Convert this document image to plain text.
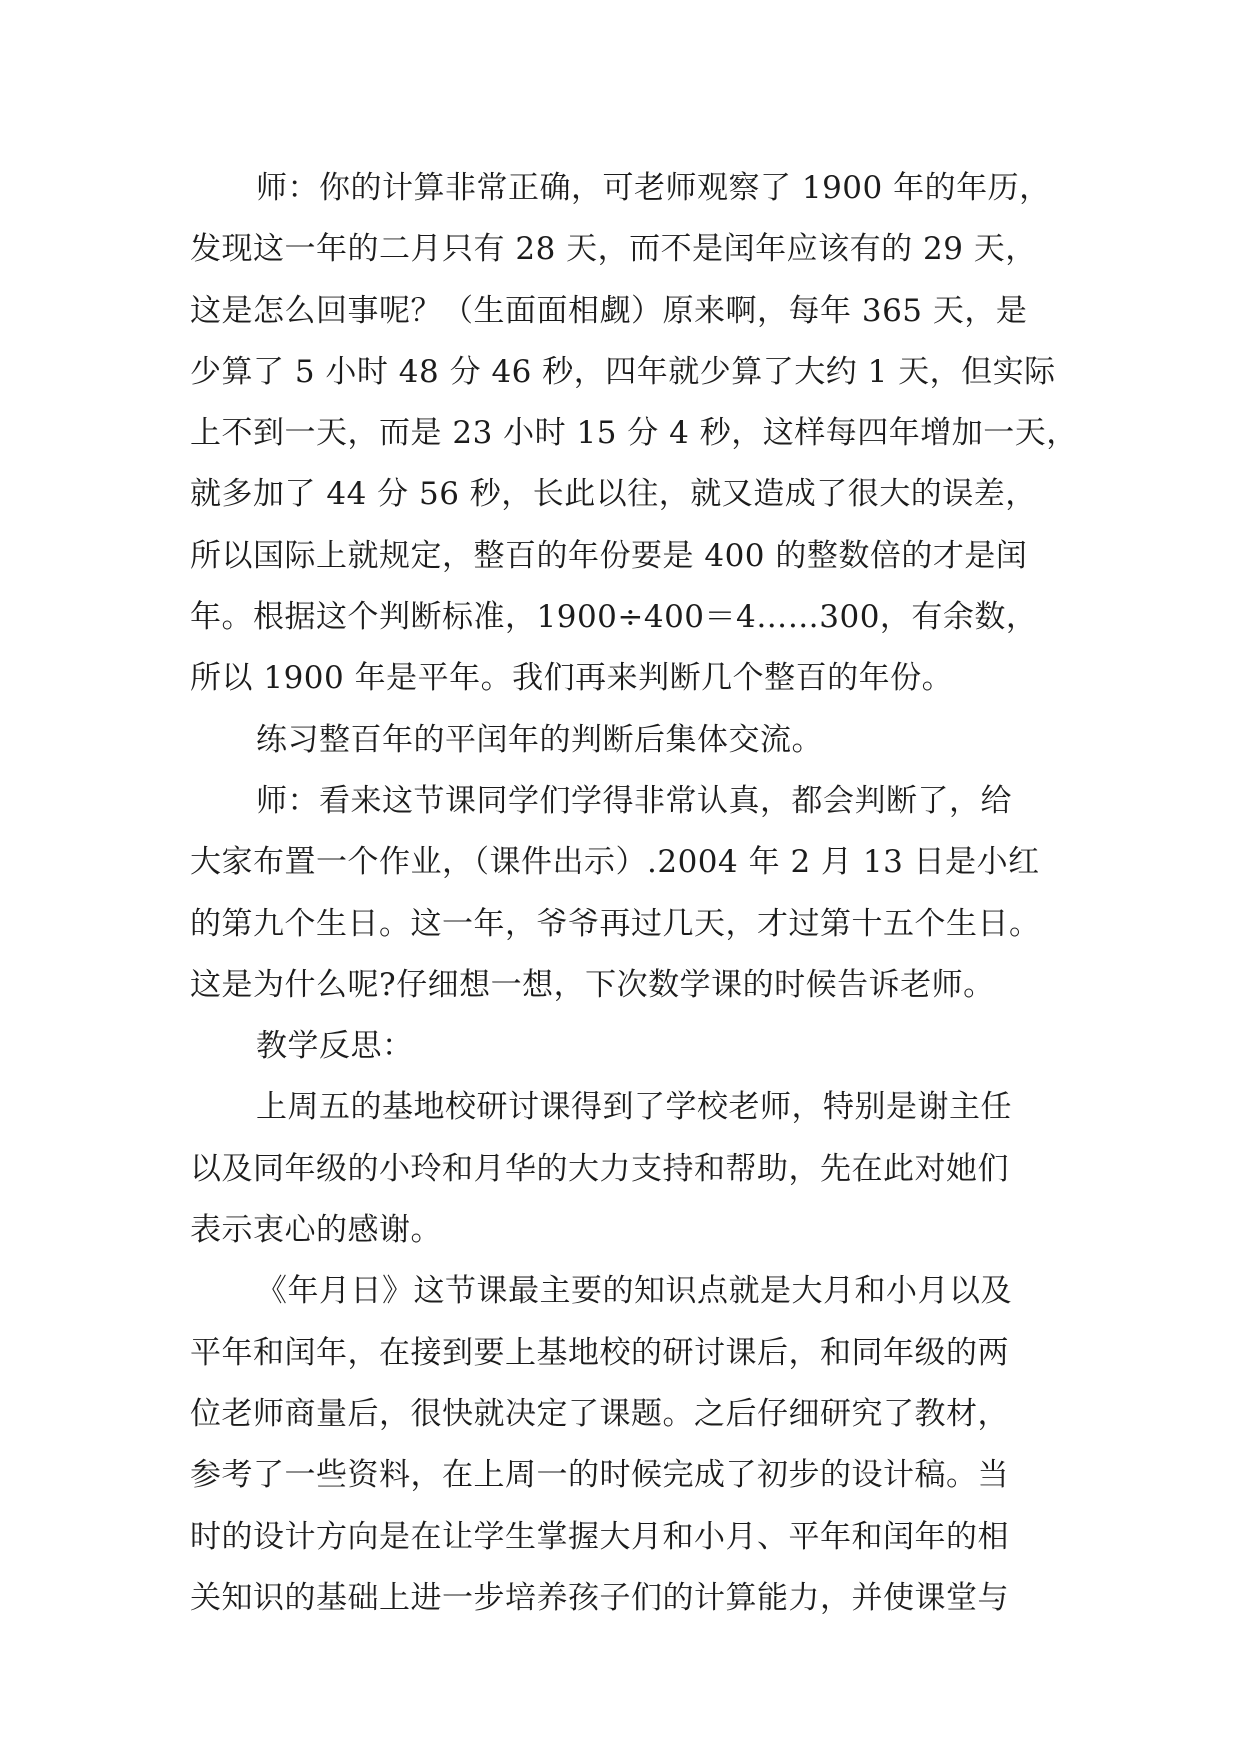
师：你的计算非常正确，可老师观察了 1900 年的年历，
发现这一年的二月只有 28 天，而不是闰年应该有的 29 天，
这是怎么回事呢？（生面面相觑）原来啊，每年 365 天，是
少算了 5 小时 48 分 46 秒，四年就少算了大约 1 天，但实际
上不到一天，而是 23 小时 15 分 4 秒，这样每四年增加一天，
就多加了 44 分 56 秒，长此以往，就又造成了很大的误差，
所以国际上就规定，整百的年份要是 400 的整数倍的才是闰
年。根据这个判断标准，1900÷400＝4……300，有余数，
所以 1900 年是平年。我们再来判断几个整百的年份。
练习整百年的平闰年的判断后集体交流。
师：看来这节课同学们学得非常认真，都会判断了，给
大家布置一个作业，（课件出示）.2004 年 2 月 13 日是小红
的第九个生日。这一年，爷爷再过几天，才过第十五个生日。
这是为什么呢?仔细想一想，下次数学课的时候告诉老师。
教学反思：
上周五的基地校研讨课得到了学校老师，特别是谢主任
以及同年级的小玲和月华的大力支持和帮助，先在此对她们
表示衷心的感谢。
《年月日》这节课最主要的知识点就是大月和小月以及
平年和闰年，在接到要上基地校的研讨课后，和同年级的两
位老师商量后，很快就决定了课题。之后仔细研究了教材，
参考了一些资料，在上周一的时候完成了初步的设计稿。当
时的设计方向是在让学生掌握大月和小月、平年和闰年的相
关知识的基础上进一步培养孩子们的计算能力，并使课堂与
